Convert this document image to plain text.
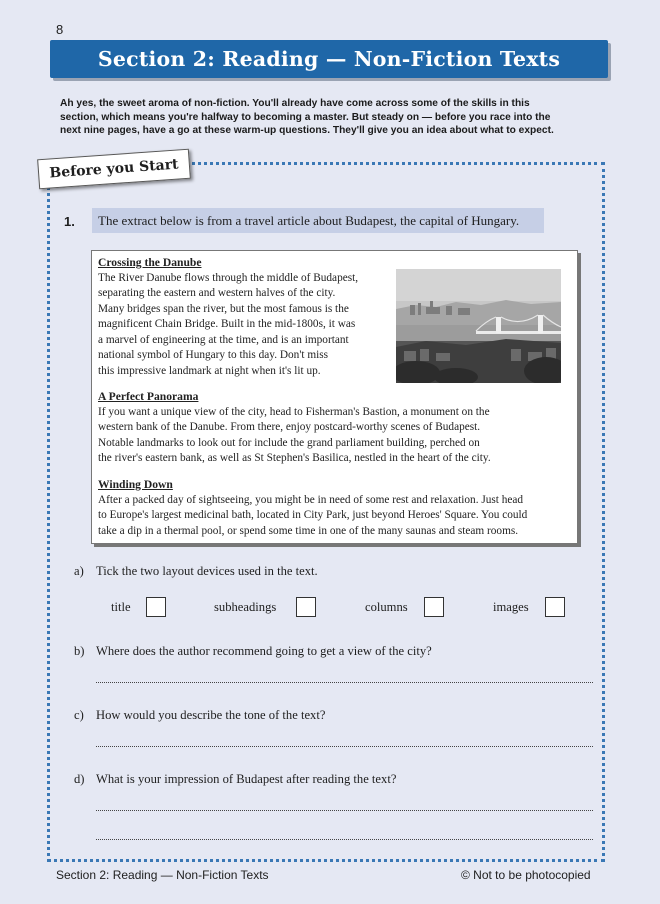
8
Section 2: Reading — Non-Fiction Texts
Ah yes, the sweet aroma of non-fiction. You'll already have come across some of the skills in this
section, which means you're halfway to becoming a master. But steady on — before you race into the
next nine pages, have a go at these warm-up questions. They'll give you an idea about what to expect.
Before you Start
1.	The extract below is from a travel article about Budapest, the capital of Hungary.
Crossing the Danube
The River Danube flows through the middle of Budapest,
separating the eastern and western halves of the city.
Many bridges span the river, but the most famous is the
magnificent Chain Bridge. Built in the mid-1800s, it was
a marvel of engineering at the time, and is an important
national symbol of Hungary to this day. Don't miss
this impressive landmark at night when it's lit up.
A Perfect Panorama
If you want a unique view of the city, head to Fisherman's Bastion, a monument on the
western bank of the Danube. From there, enjoy postcard-worthy scenes of Budapest.
Notable landmarks to look out for include the grand parliament building, perched on
the river's eastern bank, as well as St Stephen's Basilica, nestled in the heart of the city.
Winding Down
After a packed day of sightseeing, you might be in need of some rest and relaxation. Just head
to Europe's largest medicinal bath, located in City Park, just beyond Heroes' Square. You could
take a dip in a thermal pool, or spend some time in one of the many saunas and steam rooms.
a) Tick the two layout devices used in the text.
title	subheadings	columns	images
b) Where does the author recommend going to get a view of the city?
c) How would you describe the tone of the text?
d) What is your impression of Budapest after reading the text?
Section 2: Reading — Non-Fiction Texts	© Not to be photocopied
